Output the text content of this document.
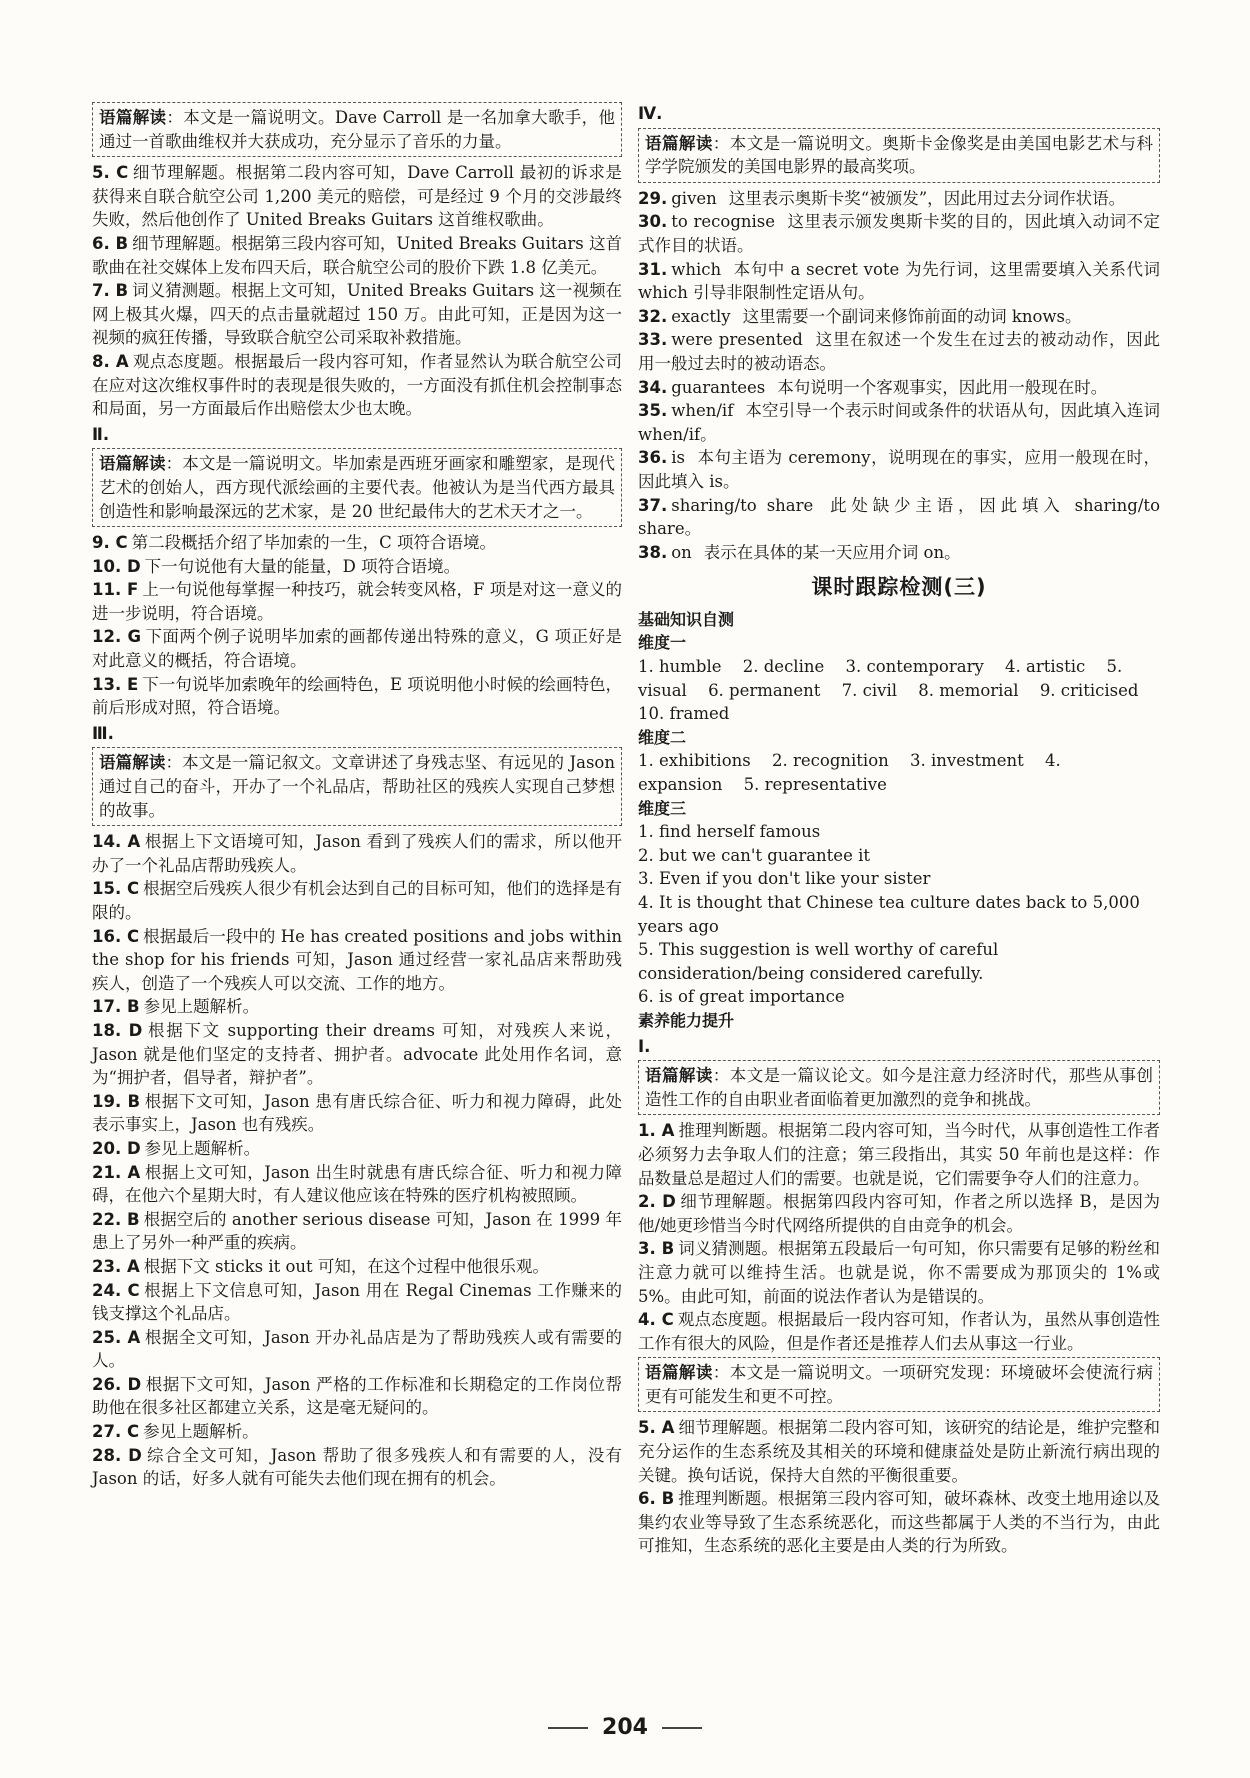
语篇解读：本文是一篇说明文。Dave Carroll 是一名加拿大歌手，他通过一首歌曲维权并大获成功，充分显示了音乐的力量。
5. C 细节理解题。根据第二段内容可知，Dave Carroll 最初的诉求是获得来自联合航空公司 1,200 美元的赔偿，可是经过 9 个月的交涉最终失败，然后他创作了 United Breaks Guitars 这首维权歌曲。
6. B 细节理解题。根据第三段内容可知，United Breaks Guitars 这首歌曲在社交媒体上发布四天后，联合航空公司的股价下跌 1.8 亿美元。
7. B 词义猜测题。根据上文可知，United Breaks Guitars 这一视频在网上极其火爆，四天的点击量就超过 150 万。由此可知，正是因为这一视频的疯狂传播，导致联合航空公司采取补救措施。
8. A 观点态度题。根据最后一段内容可知，作者显然认为联合航空公司在应对这次维权事件时的表现是很失败的，一方面没有抓住机会控制事态和局面，另一方面最后作出赔偿太少也太晚。
Ⅱ.
语篇解读：本文是一篇说明文。毕加索是西班牙画家和雕塑家，是现代艺术的创始人，西方现代派绘画的主要代表。他被认为是当代西方最具创造性和影响最深远的艺术家，是 20 世纪最伟大的艺术天才之一。
9. C 第二段概括介绍了毕加索的一生，C 项符合语境。
10. D 下一句说他有大量的能量，D 项符合语境。
11. F 上一句说他每掌握一种技巧，就会转变风格，F 项是对这一意义的进一步说明，符合语境。
12. G 下面两个例子说明毕加索的画都传递出特殊的意义，G 项正好是对此意义的概括，符合语境。
13. E 下一句说毕加索晚年的绘画特色，E 项说明他小时候的绘画特色，前后形成对照，符合语境。
Ⅲ.
语篇解读：本文是一篇记叙文。文章讲述了身残志坚、有远见的 Jason 通过自己的奋斗，开办了一个礼品店，帮助社区的残疾人实现自己梦想的故事。
14. A 根据上下文语境可知，Jason 看到了残疾人们的需求，所以他开办了一个礼品店帮助残疾人。
15. C 根据空后残疾人很少有机会达到自己的目标可知，他们的选择是有限的。
16. C 根据最后一段中的 He has created positions and jobs within the shop for his friends 可知，Jason 通过经营一家礼品店来帮助残疾人，创造了一个残疾人可以交流、工作的地方。
17. B 参见上题解析。
18. D 根据下文 supporting their dreams 可知，对残疾人来说，Jason 就是他们坚定的支持者、拥护者。advocate 此处用作名词，意为“拥护者，倡导者，辩护者”。
19. B 根据下文可知，Jason 患有唐氏综合征、听力和视力障碍，此处表示事实上，Jason 也有残疾。
20. D 参见上题解析。
21. A 根据上文可知，Jason 出生时就患有唐氏综合征、听力和视力障碍，在他六个星期大时，有人建议他应该在特殊的医疗机构被照顾。
22. B 根据空后的 another serious disease 可知，Jason 在 1999 年患上了另外一种严重的疾病。
23. A 根据下文 sticks it out 可知，在这个过程中他很乐观。
24. C 根据上下文信息可知，Jason 用在 Regal Cinemas 工作赚来的钱支撑这个礼品店。
25. A 根据全文可知，Jason 开办礼品店是为了帮助残疾人或有需要的人。
26. D 根据下文可知，Jason 严格的工作标准和长期稳定的工作岗位帮助他在很多社区都建立关系，这是毫无疑问的。
27. C 参见上题解析。
28. D 综合全文可知，Jason 帮助了很多残疾人和有需要的人，没有 Jason 的话，好多人就有可能失去他们现在拥有的机会。
Ⅳ.
语篇解读：本文是一篇说明文。奥斯卡金像奖是由美国电影艺术与科学学院颁发的美国电影界的最高奖项。
29. given 这里表示奥斯卡奖“被颁发”，因此用过去分词作状语。
30. to recognise 这里表示颁发奥斯卡奖的目的，因此填入动词不定式作目的状语。
31. which 本句中 a secret vote 为先行词，这里需要填入关系代词 which 引导非限制性定语从句。
32. exactly 这里需要一个副词来修饰前面的动词 knows。
33. were presented 这里在叙述一个发生在过去的被动动作，因此用一般过去时的被动语态。
34. guarantees 本句说明一个客观事实，因此用一般现在时。
35. when/if 本空引导一个表示时间或条件的状语从句，因此填入连词 when/if。
36. is 本句主语为 ceremony，说明现在的事实，应用一般现在时，因此填入 is。
37. sharing/to share 此处缺少主语，因此填入 sharing/to share。
38. on 表示在具体的某一天应用介词 on。
课时跟踪检测(三)
基础知识自测
维度一
1. humble 2. decline 3. contemporary 4. artistic 5. visual 6. permanent 7. civil 8. memorial 9. criticised 10. framed
维度二
1. exhibitions 2. recognition 3. investment 4. expansion 5. representative
维度三
1. find herself famous
2. but we can't guarantee it
3. Even if you don't like your sister
4. It is thought that Chinese tea culture dates back to 5,000 years ago
5. This suggestion is well worthy of careful consideration/being considered carefully.
6. is of great importance
素养能力提升
Ⅰ.
语篇解读：本文是一篇议论文。如今是注意力经济时代，那些从事创造性工作的自由职业者面临着更加激烈的竞争和挑战。
1. A 推理判断题。根据第二段内容可知，当今时代，从事创造性工作者必须努力去争取人们的注意；第三段指出，其实 50 年前也是这样：作品数量总是超过人们的需要。也就是说，它们需要争夺人们的注意力。
2. D 细节理解题。根据第四段内容可知，作者之所以选择 B，是因为他/她更珍惜当今时代网络所提供的自由竞争的机会。
3. B 词义猜测题。根据第五段最后一句可知，你只需要有足够的粉丝和注意力就可以维持生活。也就是说，你不需要成为那顶尖的 1%或 5%。由此可知，前面的说法作者认为是错误的。
4. C 观点态度题。根据最后一段内容可知，作者认为，虽然从事创造性工作有很大的风险，但是作者还是推荐人们去从事这一行业。
语篇解读：本文是一篇说明文。一项研究发现：环境破坏会使流行病更有可能发生和更不可控。
5. A 细节理解题。根据第二段内容可知，该研究的结论是，维护完整和充分运作的生态系统及其相关的环境和健康益处是防止新流行病出现的关键。换句话说，保持大自然的平衡很重要。
6. B 推理判断题。根据第三段内容可知，破坏森林、改变土地用途以及集约农业等导致了生态系统恶化，而这些都属于人类的不当行为，由此可推知，生态系统的恶化主要是由人类的行为所致。
204
